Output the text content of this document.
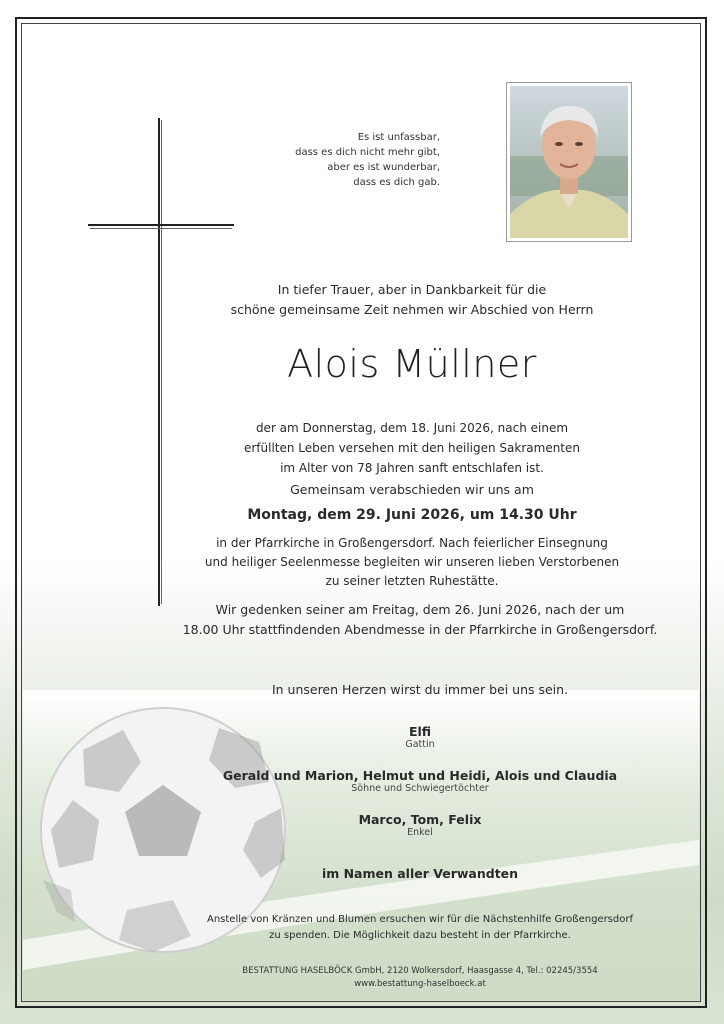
Es ist unfassbar,
dass es dich nicht mehr gibt,
aber es ist wunderbar,
dass es dich gab.
In tiefer Trauer, aber in Dankbarkeit für die
schöne gemeinsame Zeit nehmen wir Abschied von Herrn
Alois Müllner
der am Donnerstag, dem 18. Juni 2026, nach einem
erfüllten Leben versehen mit den heiligen Sakramenten
im Alter von 78 Jahren sanft entschlafen ist.
Gemeinsam verabschieden wir uns am
Montag, dem 29. Juni 2026, um 14.30 Uhr
in der Pfarrkirche in Großengersdorf. Nach feierlicher Einsegnung
und heiliger Seelenmesse begleiten wir unseren lieben Verstorbenen
zu seiner letzten Ruhestätte.
Wir gedenken seiner am Freitag, dem 26. Juni 2026, nach der um
18.00 Uhr stattfindenden Abendmesse in der Pfarrkirche in Großengersdorf.
In unseren Herzen wirst du immer bei uns sein.
Elfi
Gattin
Gerald und Marion, Helmut und Heidi, Alois und Claudia
Söhne und Schwiegertöchter
Marco, Tom, Felix
Enkel
im Namen aller Verwandten
Anstelle von Kränzen und Blumen ersuchen wir für die Nächstenhilfe Großengersdorf
zu spenden. Die Möglichkeit dazu besteht in der Pfarrkirche.
BESTATTUNG HASELBÖCK GmbH, 2120 Wolkersdorf, Haasgasse 4, Tel.: 02245/3554
www.bestattung-haselboeck.at
